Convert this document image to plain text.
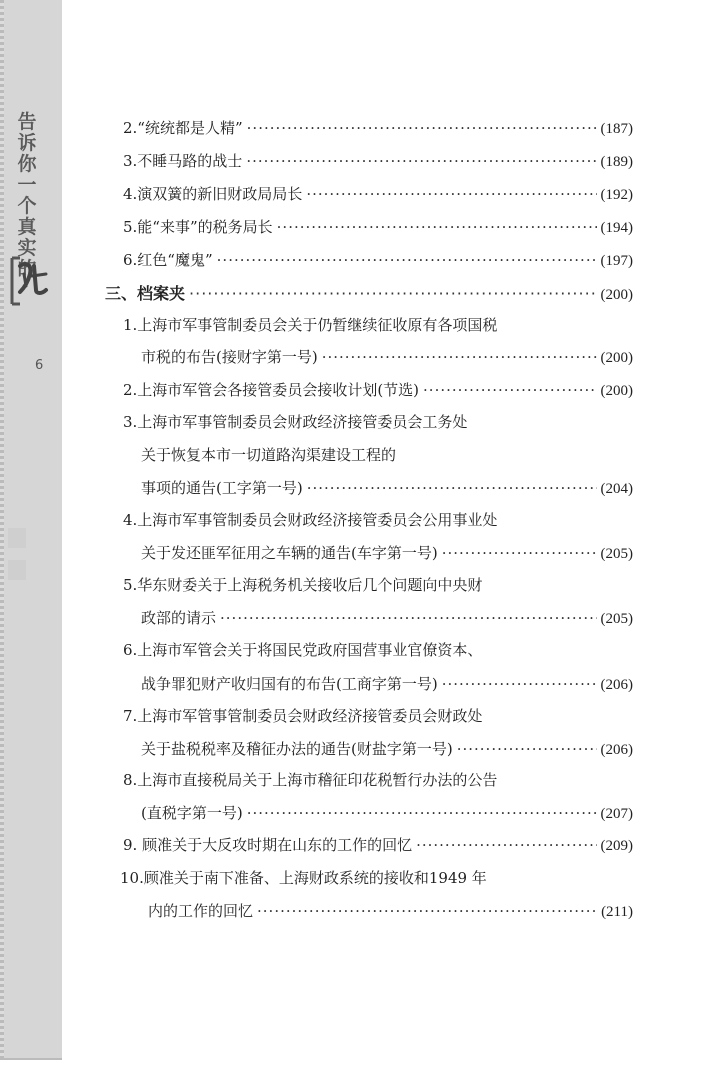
告
诉
你
一
个
真
实
的
6
2.“统统都是人精” ·····	(187)
3.不睡马路的战士 ·····	(189)
4.演双簧的新旧财政局局长 ·····	(192)
5.能“来事”的税务局长 ·····	(194)
6.红色“魔鬼” ·····	(197)
三、档案夹 ·····	(200)
1.上海市军事管制委员会关于仍暂继续征收原有各项国税
市税的布告(接财字第一号) ·····	(200)
2.上海市军管会各接管委员会接收计划(节选) ·····	(200)
3.上海市军事管制委员会财政经济接管委员会工务处
关于恢复本市一切道路沟渠建设工程的
事项的通告(工字第一号) ·····	(204)
4.上海市军事管制委员会财政经济接管委员会公用事业处
关于发还匪军征用之车辆的通告(车字第一号) ·····	(205)
5.华东财委关于上海税务机关接收后几个问题向中央财
政部的请示 ·····	(205)
6.上海市军管会关于将国民党政府国营事业官僚资本、
战争罪犯财产收归国有的布告(工商字第一号) ·····	(206)
7.上海市军管事管制委员会财政经济接管委员会财政处
关于盐税税率及稽征办法的通告(财盐字第一号) ·····	(206)
8.上海市直接税局关于上海市稽征印花税暂行办法的公告
(直税字第一号) ·····	(207)
9. 顾准关于大反攻时期在山东的工作的回忆 ·····	(209)
10.顾准关于南下准备、上海财政系统的接收和1949 年
内的工作的回忆 ·····	(211)
